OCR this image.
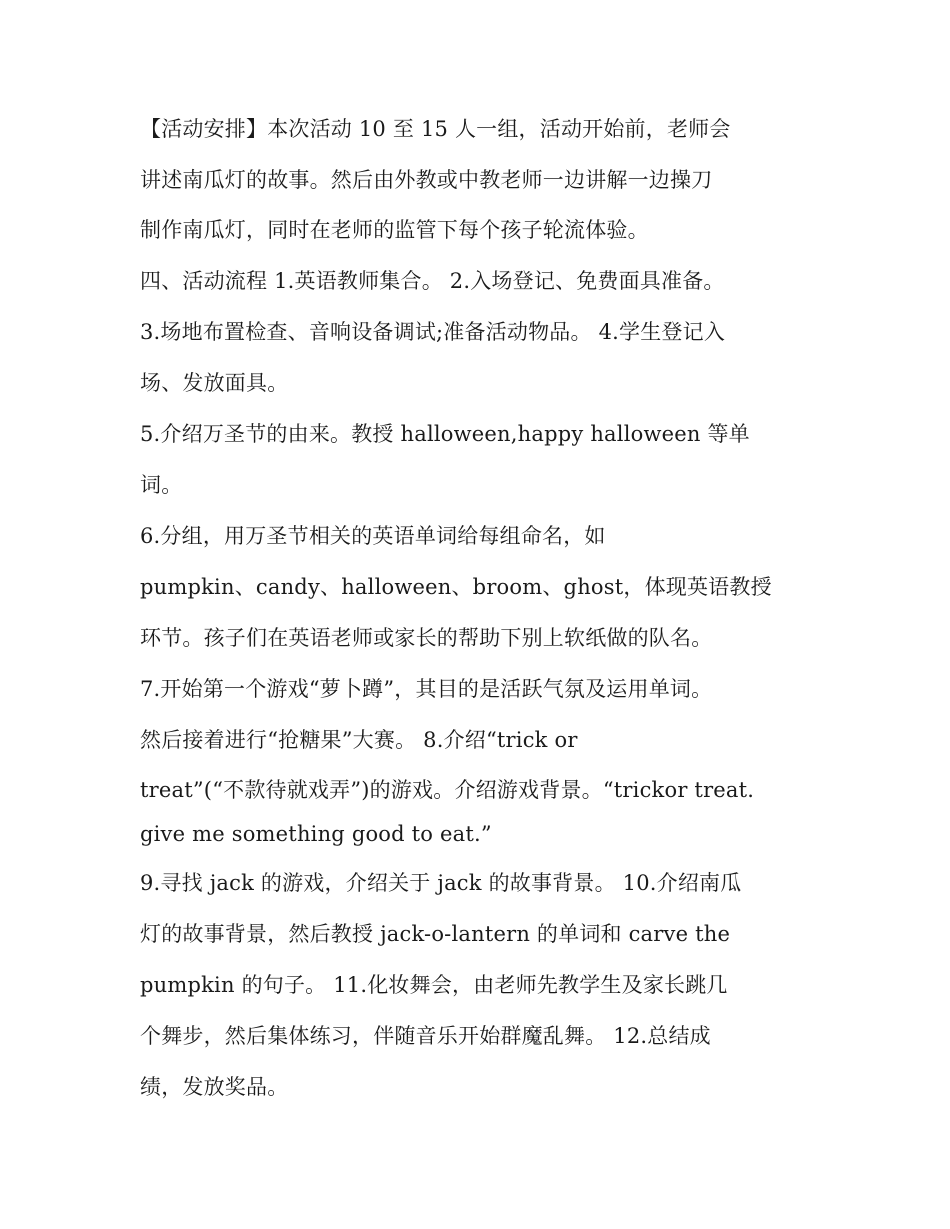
【活动安排】本次活动 10 至 15 人一组，活动开始前，老师会
讲述南瓜灯的故事。然后由外教或中教老师一边讲解一边操刀
制作南瓜灯，同时在老师的监管下每个孩子轮流体验。
四、活动流程 1.英语教师集合。 2.入场登记、免费面具准备。
3.场地布置检查、音响设备调试;准备活动物品。 4.学生登记入
场、发放面具。
5.介绍万圣节的由来。教授 halloween,happy halloween 等单
词。
6.分组，用万圣节相关的英语单词给每组命名，如
pumpkin、candy、halloween、broom、ghost，体现英语教授
环节。孩子们在英语老师或家长的帮助下别上软纸做的队名。
7.开始第一个游戏“萝卜蹲”，其目的是活跃气氛及运用单词。
然后接着进行“抢糖果”大赛。 8.介绍“trick or
treat”(“不款待就戏弄”)的游戏。介绍游戏背景。“trickor treat.
give me something good to eat.”
9.寻找 jack 的游戏，介绍关于 jack 的故事背景。 10.介绍南瓜
灯的故事背景，然后教授 jack-o-lantern 的单词和 carve the
pumpkin 的句子。 11.化妆舞会，由老师先教学生及家长跳几
个舞步，然后集体练习，伴随音乐开始群魔乱舞。 12.总结成
绩，发放奖品。
